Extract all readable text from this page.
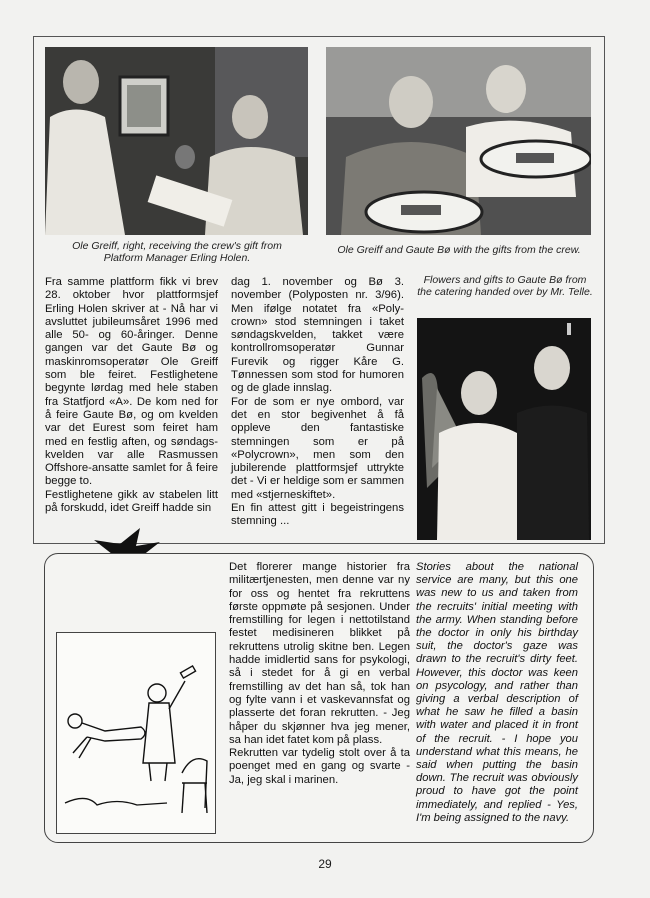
Ole Greiff, right, receiving the crew's gift from Platform Manager Erling Holen.
Ole Greiff and Gaute Bø with the gifts from the crew.

Fra samme plattform fikk vi brev 28. oktober hvor plattformsjef Erling Holen skriver at - Nå har vi avsluttet jubileumsåret 1996 med alle 50- og 60-åringer. Denne gangen var det Gaute Bø og maskinromsoperatør Ole Greiff som ble feiret. Festlighetene begynte lørdag med hele staben fra Statfjord «A». De kom ned for å feire Gaute Bø, og om kvelden var det Eurest som feiret ham med en festlig aften, og søndags-kvelden var alle Rasmussen Offshore-ansatte samlet for å feire begge to.

Festlighetene gikk av stabelen litt på forskudd, idet Greiff hadde sin

dag 1. november og Bø 3. november (Polyposten nr. 3/96). Men ifølge notatet fra «Poly-crown» stod stemningen i taket søndagskvelden, takket være kontrollromsoperatør Gunnar Furevik og rigger Kåre G. Tønnessen som stod for humoren og de glade innslag.

For de som er nye ombord, var det en stor begivenhet å få oppleve den fantastiske stemningen som er på «Polycrown», men som den jubilerende plattformsjef uttrykte det - Vi er heldige som er sammen med «stjerneskiftet».

En fin attest gitt i begeistringens stemning ...

Flowers and gifts to Gaute Bø from the catering handed over by Mr. Telle.

Det florerer mange historier fra militærtjenesten, men denne var ny for oss og hentet fra rekruttens første oppmøte på sesjonen. Under fremstilling for legen i nettotilstand festet medisineren blikket på rekruttens utrolig skitne ben. Legen hadde imidlertid sans for psykologi, så i stedet for å gi en verbal fremstilling av det han så, tok han og fylte vann i et vaskevannsfat og plasserte det foran rekrutten. - Jeg håper du skjønner hva jeg mener, sa han idet fatet kom på plass.

Rekrutten var tydelig stolt over å ta poenget med en gang og svarte - Ja, jeg skal i marinen.

Stories about the national service are many, but this one was new to us and taken from the recruits' initial meeting with the army. When standing before the doctor in only his birthday suit, the doctor's gaze was drawn to the recruit's dirty feet. However, this doctor was keen on psycology, and rather than giving a verbal description of what he saw he filled a basin with water and placed it in front of the recruit. - I hope you understand what this means, he said when putting the basin down. The recruit was obviously proud to have got the point immediately, and replied - Yes, I'm being assigned to the navy.
29
